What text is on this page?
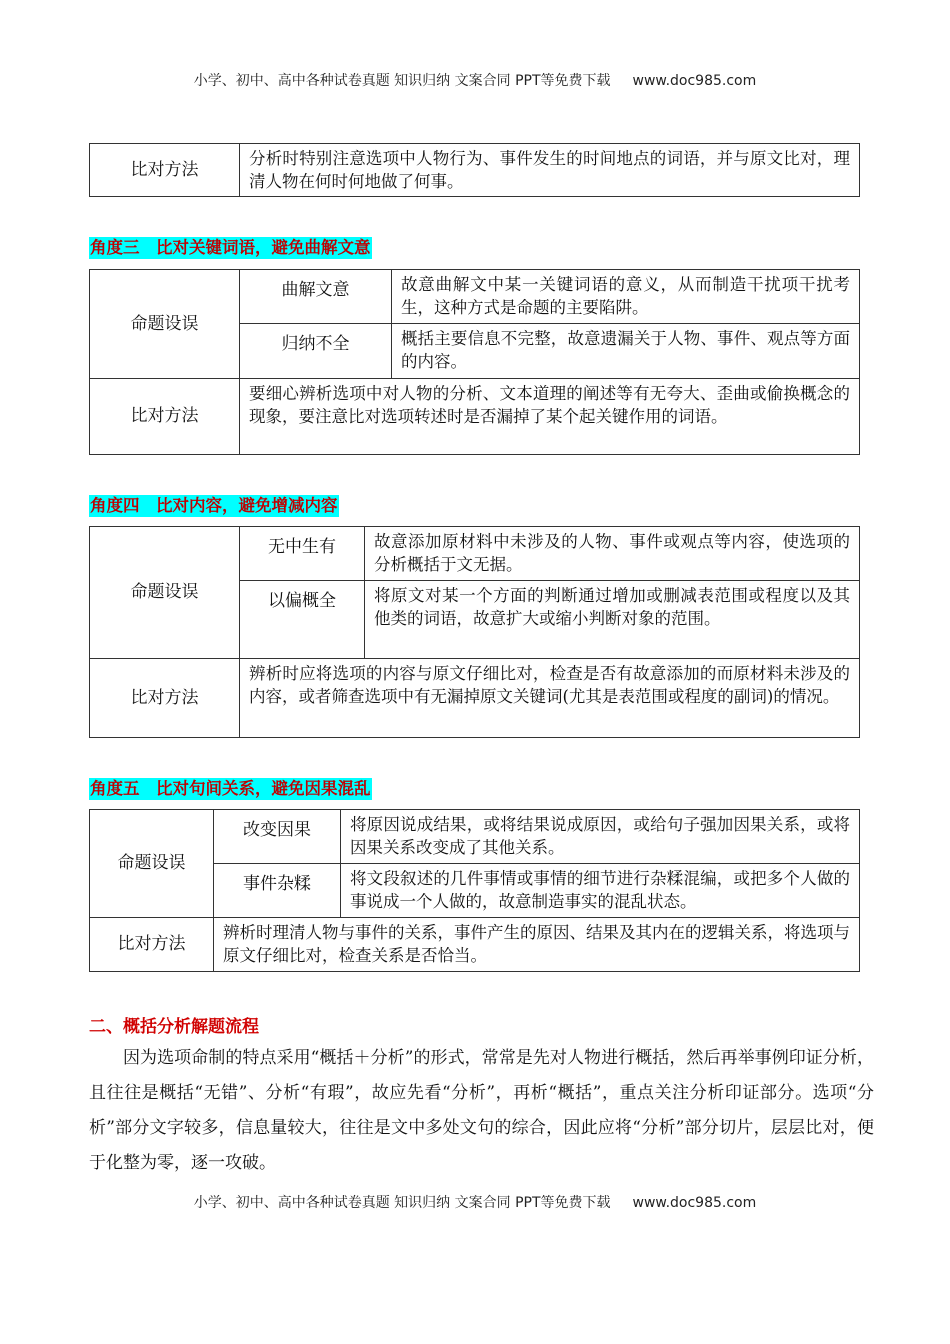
小学、初中、高中各种试卷真题 知识归纳 文案合同 PPT等免费下载 www.doc985.com
比对方法	分析时特别注意选项中人物行为、事件发生的时间地点的词语，并与原文比对，理清人物在何时何地做了何事。
角度三　比对关键词语，避免曲解文意
命题设误	曲解文意	故意曲解文中某一关键词语的意义，从而制造干扰项干扰考生，这种方式是命题的主要陷阱。
	归纳不全	概括主要信息不完整，故意遗漏关于人物、事件、观点等方面的内容。
比对方法	要细心辨析选项中对人物的分析、文本道理的阐述等有无夸大、歪曲或偷换概念的现象，要注意比对选项转述时是否漏掉了某个起关键作用的词语。	
角度四　比对内容，避免增减内容
命题设误	无中生有	故意添加原材料中未涉及的人物、事件或观点等内容，使选项的分析概括于文无据。
	以偏概全	将原文对某一个方面的判断通过增加或删减表范围或程度以及其他类的词语，故意扩大或缩小判断对象的范围。
比对方法	辨析时应将选项的内容与原文仔细比对，检查是否有故意添加的而原材料未涉及的内容，或者筛查选项中有无漏掉原文关键词(尤其是表范围或程度的副词)的情况。	
角度五　比对句间关系，避免因果混乱
命题设误	改变因果	将原因说成结果，或将结果说成原因，或给句子强加因果关系，或将因果关系改变成了其他关系。
	事件杂糅	将文段叙述的几件事情或事情的细节进行杂糅混编，或把多个人做的事说成一个人做的，故意制造事实的混乱状态。
比对方法	辨析时理清人物与事件的关系，事件产生的原因、结果及其内在的逻辑关系，将选项与原文仔细比对，检查关系是否恰当。	
二、概括分析解题流程
因为选项命制的特点采用“概括＋分析”的形式，常常是先对人物进行概括，然后再举事例印证分析，且往往是概括“无错”、分析“有瑕”，故应先看“分析”，再析“概括”，重点关注分析印证部分。选项“分析”部分文字较多，信息量较大，往往是文中多处文句的综合，因此应将“分析”部分切片，层层比对，便于化整为零，逐一攻破。
小学、初中、高中各种试卷真题 知识归纳 文案合同 PPT等免费下载 www.doc985.com
